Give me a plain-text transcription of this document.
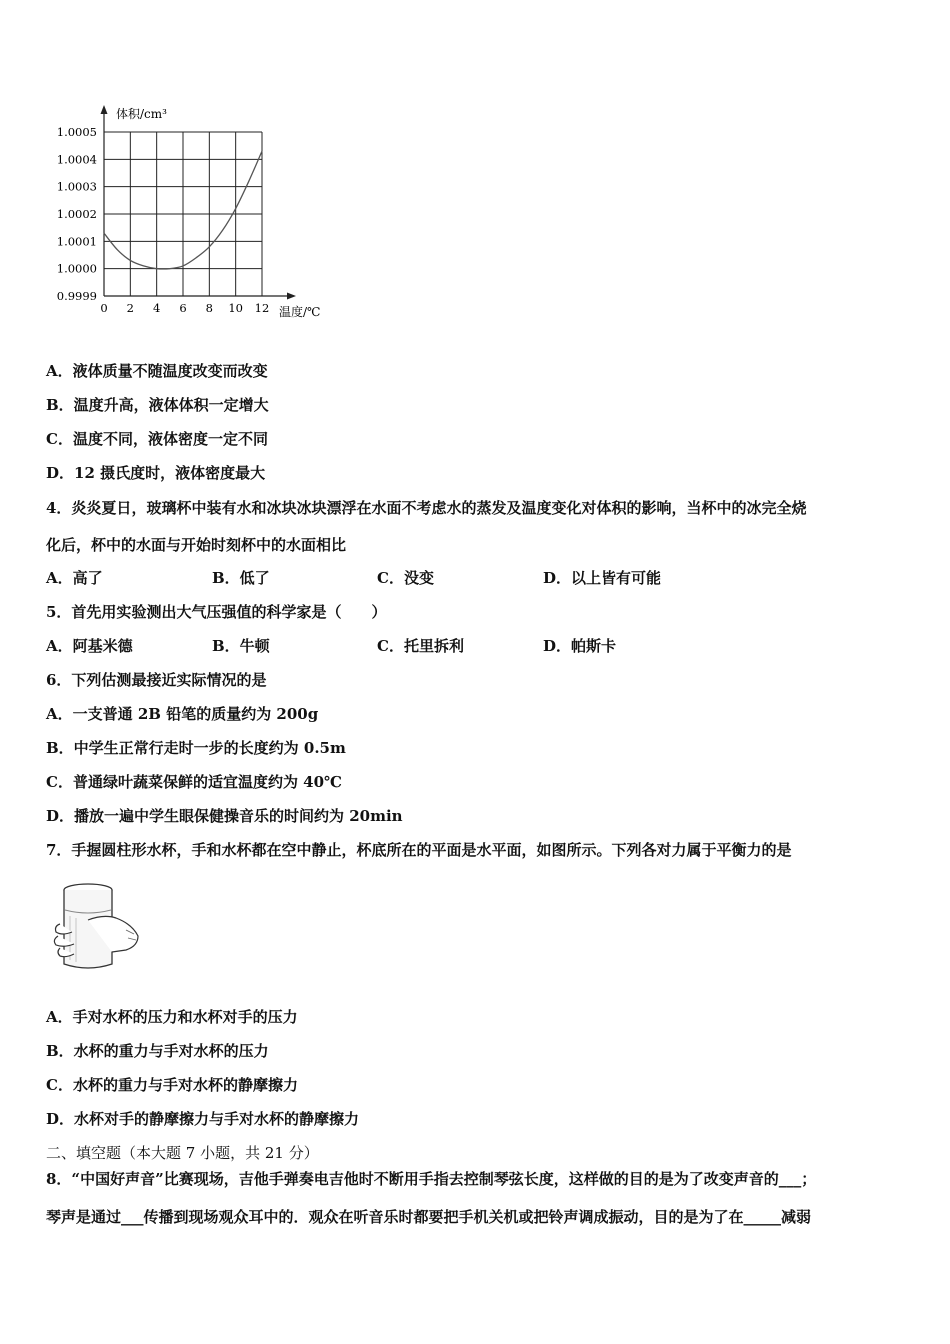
体积/cm³
温度/℃
0.9999
1.0000
1.0001
1.0002
1.0003
1.0004
1.0005
0 2 4 6 8 10 12
A．液体质量不随温度改变而改变
B．温度升高，液体体积一定增大
C．温度不同，液体密度一定不同
D．12 摄氏度时，液体密度最大
4．炎炎夏日，玻璃杯中装有水和冰块冰块漂浮在水面不考虑水的蒸发及温度变化对体积的影响，当杯中的冰完全烧
化后，杯中的水面与开始时刻杯中的水面相比
A．高了	B．低了	C．没变	D．以上皆有可能
5．首先用实验测出大气压强值的科学家是（　　）
A．阿基米德	B．牛顿	C．托里拆利	D．帕斯卡
6．下列估测最接近实际情况的是
A．一支普通 2B 铅笔的质量约为 200g
B．中学生正常行走时一步的长度约为 0.5m
C．普通绿叶蔬菜保鲜的适宜温度约为 40℃
D．播放一遍中学生眼保健操音乐的时间约为 20min
7．手握圆柱形水杯，手和水杯都在空中静止，杯底所在的平面是水平面，如图所示。下列各对力属于平衡力的是
A．手对水杯的压力和水杯对手的压力
B．水杯的重力与手对水杯的压力
C．水杯的重力与手对水杯的静摩擦力
D．水杯对手的静摩擦力与手对水杯的静摩擦力
二、填空题（本大题 7 小题，共 21 分）
8．“中国好声音”比赛现场，吉他手弹奏电吉他时不断用手指去控制琴弦长度，这样做的目的是为了改变声音的___；
琴声是通过___传播到现场观众耳中的．观众在听音乐时都要把手机关机或把铃声调成振动，目的是为了在_____减弱
